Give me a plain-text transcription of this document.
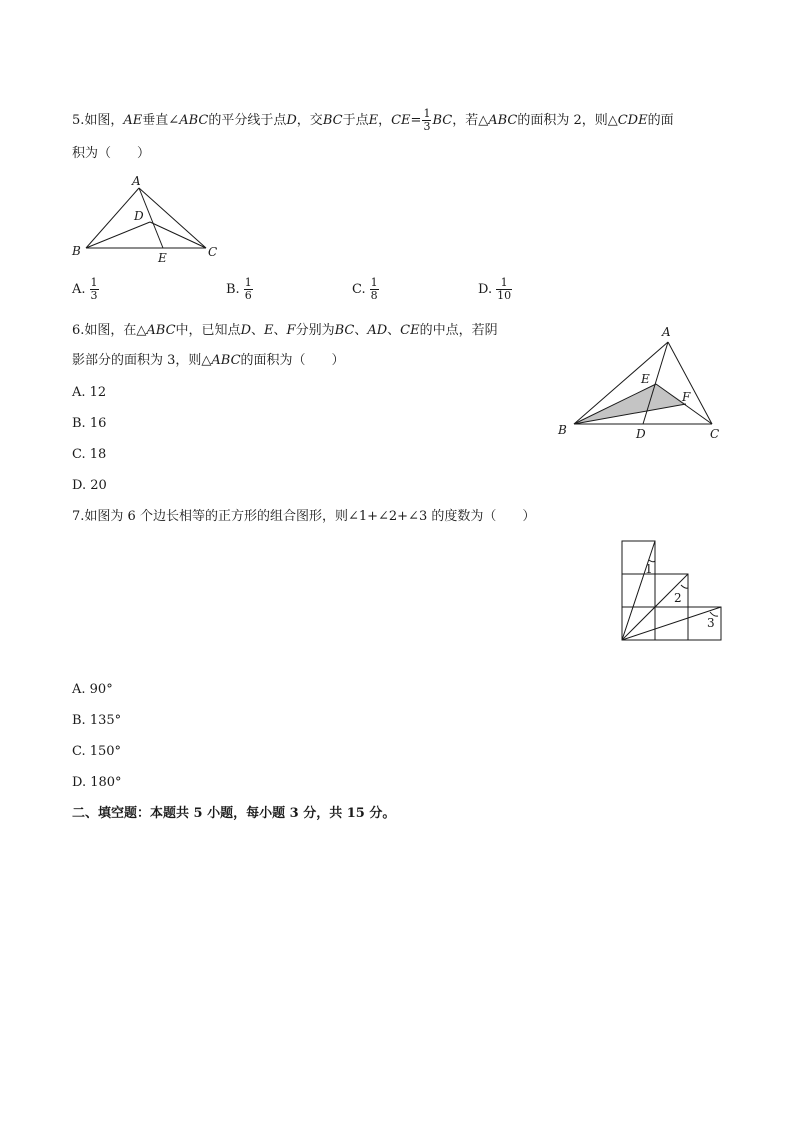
5.如图，AE垂直∠ABC的平分线于点D，交BC于点E，$CE= \frac{1}{3}$ BC，若△ABC的面积为 2，则△CDE的面
积为（　　）
A
B	C
D
E
A. $\frac{1}{3}$	B. $\frac{1}{6}$	C. $\frac{1}{8}$	D. $\frac{1}{10}$
6.如图，在△ABC中，已知点D、E、F分别为BC、AD、CE的中点，若阴
影部分的面积为 3，则△ABC的面积为（　　）
A. 12
B. 16
C. 18
D. 20
A
B	C
D
E
F
7.如图为 6 个边长相等的正方形的组合图形，则∠1+∠2+∠3 的度数为（　　）
1
2
3
A. 90°
B. 135°
C. 150°
D. 180°
二、填空题：本题共 5 小题，每小题 3 分，共 15 分。
